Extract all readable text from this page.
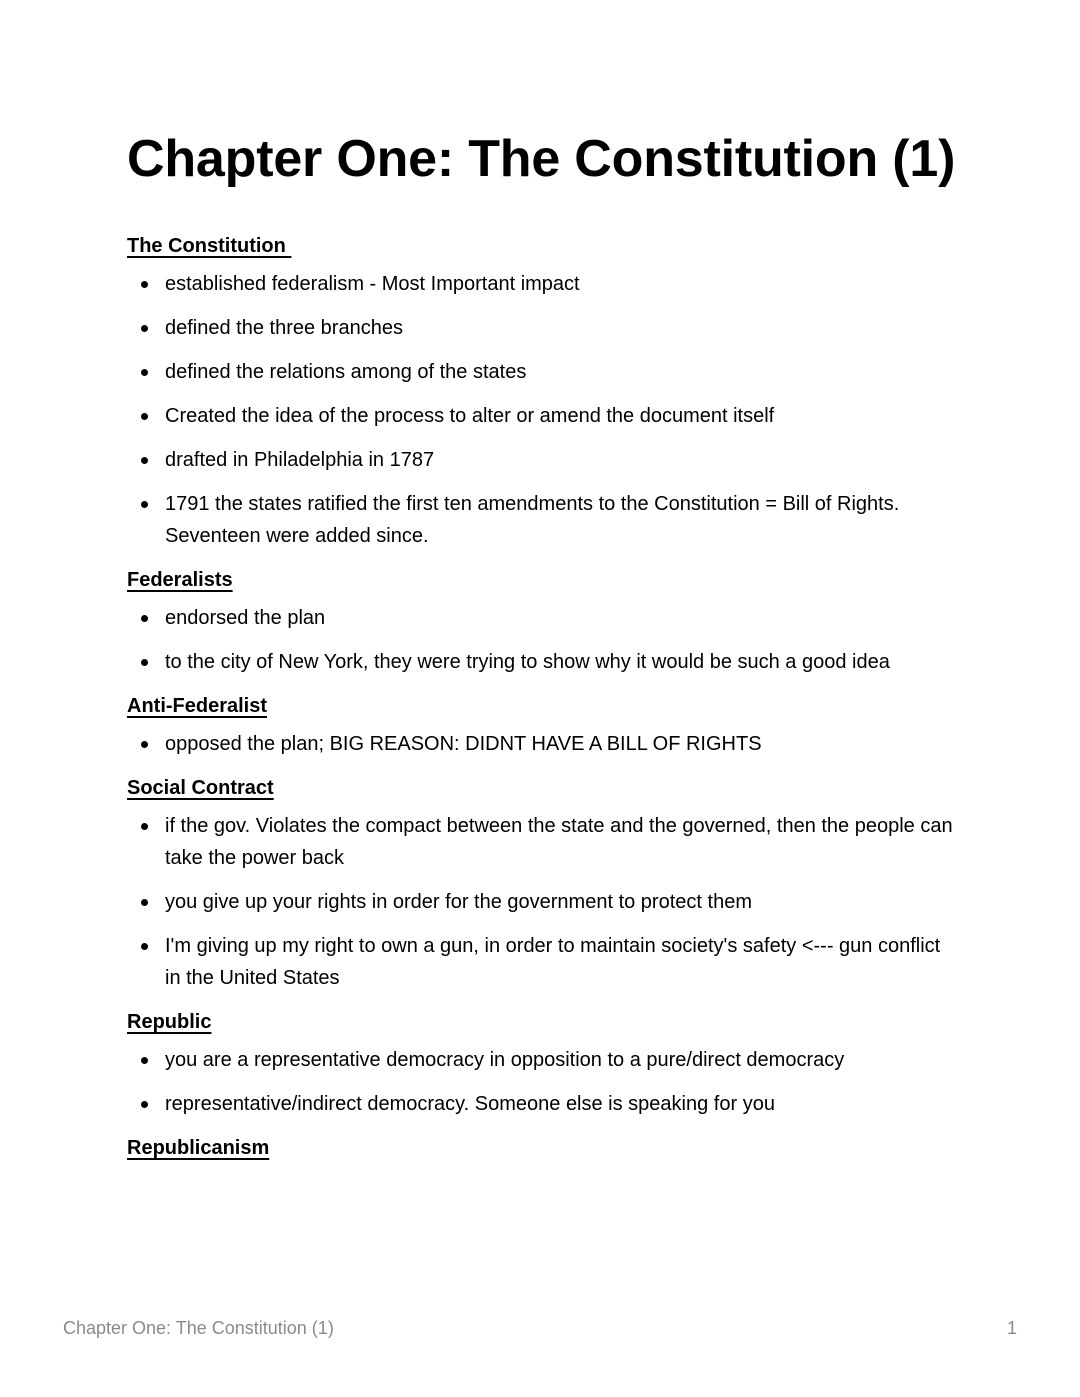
Chapter One: The Constitution (1)
The Constitution
established federalism - Most Important impact
defined the three branches
defined the relations among of the states
Created the idea of the process to alter or amend the document itself
drafted in Philadelphia in 1787
1791 the states ratified the first ten amendments to the Constitution = Bill of Rights. Seventeen were added since.
Federalists
endorsed the plan
to the city of New York, they were trying to show why it would be such a good idea
Anti-Federalist
opposed the plan; BIG REASON: DIDNT HAVE A BILL OF RIGHTS
Social Contract
if the gov. Violates the compact between the state and the governed, then the people can take the power back
you give up your rights in order for the government to protect them
I'm giving up my right to own a gun, in order to maintain society's safety <--- gun conflict in the United States
Republic
you are a representative democracy in opposition to a pure/direct democracy
representative/indirect democracy. Someone else is speaking for you
Republicanism
Chapter One: The Constitution (1)	1
